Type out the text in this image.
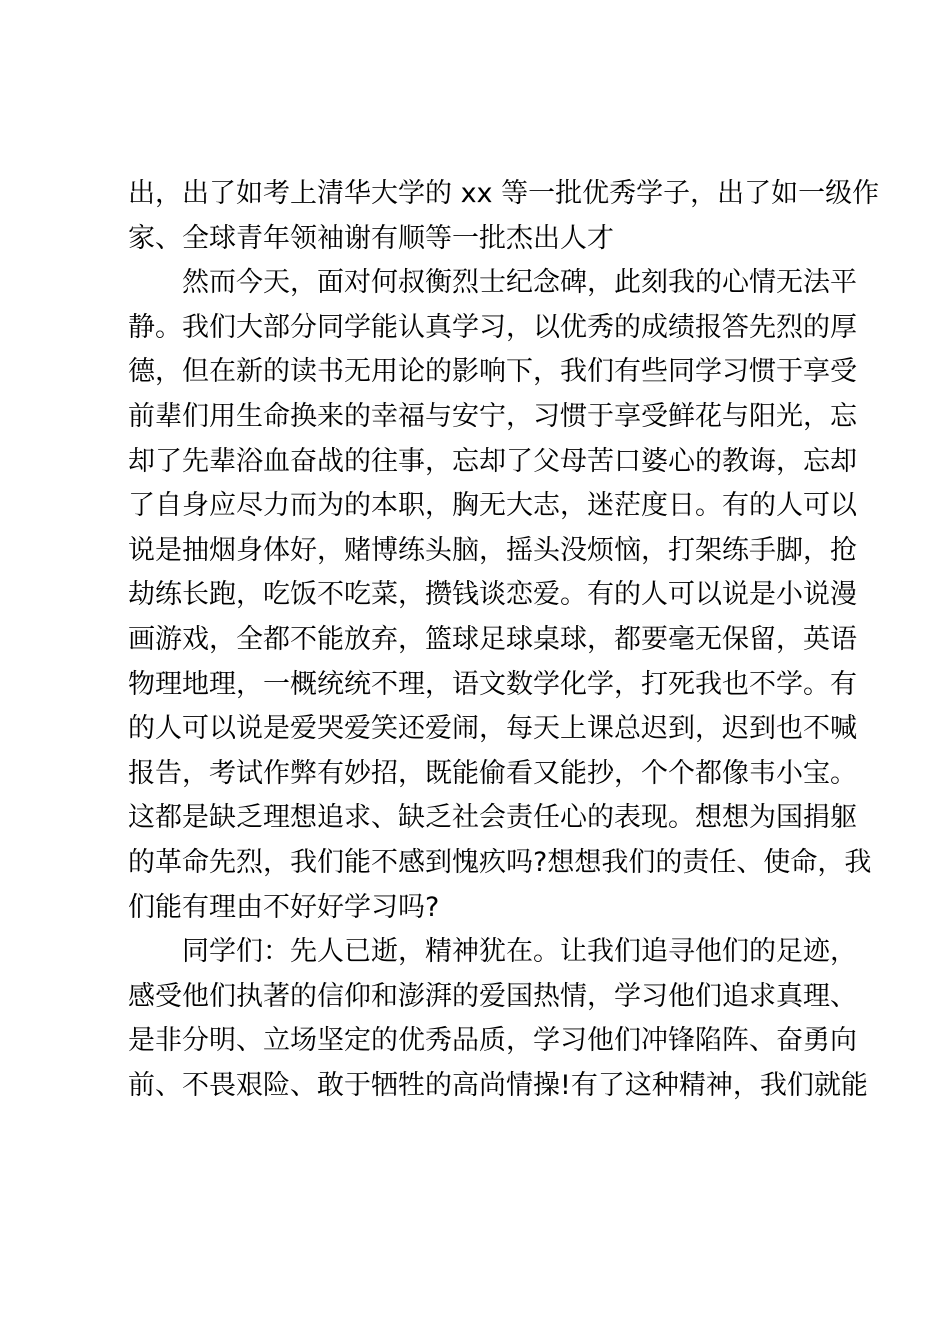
出，出了如考上清华大学的 xx 等一批优秀学子，出了如一级作
家、全球青年领袖谢有顺等一批杰出人才
然而今天，面对何叔衡烈士纪念碑，此刻我的心情无法平
静。我们大部分同学能认真学习，以优秀的成绩报答先烈的厚
德，但在新的读书无用论的影响下，我们有些同学习惯于享受
前辈们用生命换来的幸福与安宁，习惯于享受鲜花与阳光，忘
却了先辈浴血奋战的往事，忘却了父母苦口婆心的教诲，忘却
了自身应尽力而为的本职，胸无大志，迷茫度日。有的人可以
说是抽烟身体好，赌博练头脑，摇头没烦恼，打架练手脚，抢
劫练长跑，吃饭不吃菜，攒钱谈恋爱。有的人可以说是小说漫
画游戏，全都不能放弃，篮球足球桌球，都要毫无保留，英语
物理地理，一概统统不理，语文数学化学，打死我也不学。有
的人可以说是爱哭爱笑还爱闹，每天上课总迟到，迟到也不喊
报告，考试作弊有妙招，既能偷看又能抄，个个都像韦小宝。
这都是缺乏理想追求、缺乏社会责任心的表现。想想为国捐躯
的革命先烈，我们能不感到愧疚吗?想想我们的责任、使命，我
们能有理由不好好学习吗?
同学们：先人已逝，精神犹在。让我们追寻他们的足迹，
感受他们执著的信仰和澎湃的爱国热情，学习他们追求真理、
是非分明、立场坚定的优秀品质，学习他们冲锋陷阵、奋勇向
前、不畏艰险、敢于牺牲的高尚情操!有了这种精神，我们就能
